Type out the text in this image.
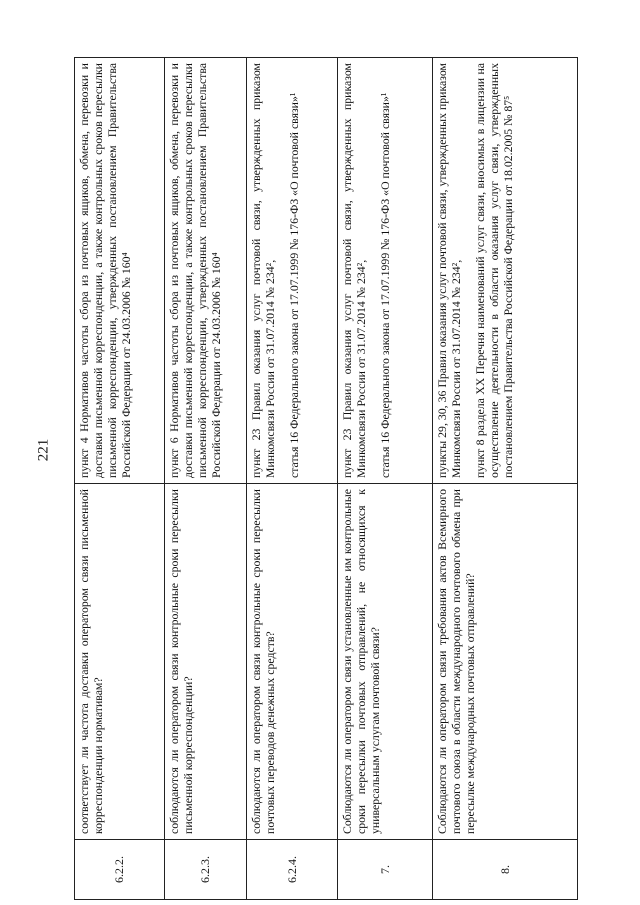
221
6.2.2.	соответствует ли частота доставки оператором связи письменной корреспонденции нормативам?	пункт 4 Нормативов частоты сбора из почтовых ящиков, обмена, перевозки и доставки письменной корреспонденции, а также контрольных сроков пересылки письменной корреспонденции, утвержденных постановлением Правительства Российской Федерации от 24.03.2006 № 160⁴

6.2.3.	соблюдаются ли оператором связи контрольные сроки пересылки письменной корреспонденции?	пункт 6 Нормативов частоты сбора из почтовых ящиков, обмена, перевозки и доставки письменной корреспонденции, а также контрольных сроков пересылки письменной корреспонденции, утвержденных постановлением Правительства Российской Федерации от 24.03.2006 № 160⁴

6.2.4.	соблюдаются ли оператором связи контрольные сроки пересылки почтовых переводов денежных средств?	пункт 23 Правил оказания услуг почтовой связи, утвержденных приказом Минкомсвязи России от 31.07.2014 № 234², статья 16 Федерального закона от 17.07.1999 № 176-ФЗ «О почтовой связи»¹

7.	Соблюдаются ли оператором связи установленные им контрольные сроки пересылки почтовых отправлений, не относящихся к универсальным услугам почтовой связи?	пункт 23 Правил оказания услуг почтовой связи, утвержденных приказом Минкомсвязи России от 31.07.2014 № 234², статья 16 Федерального закона от 17.07.1999 № 176-ФЗ «О почтовой связи»¹

8.	Соблюдаются ли оператором связи требования актов Всемирного почтового союза в области международного почтового обмена при пересылке международных почтовых отправлений?	пункты 29, 30, 36 Правил оказания услуг почтовой связи, утвержденных приказом Минкомсвязи России от 31.07.2014 № 234², пункт 8 раздела XX Перечня наименований услуг связи, вносимых в лицензии на осуществление деятельности в области оказания услуг связи, утвержденных постановлением Правительства Российской Федерации от 18.02.2005 № 87⁵
